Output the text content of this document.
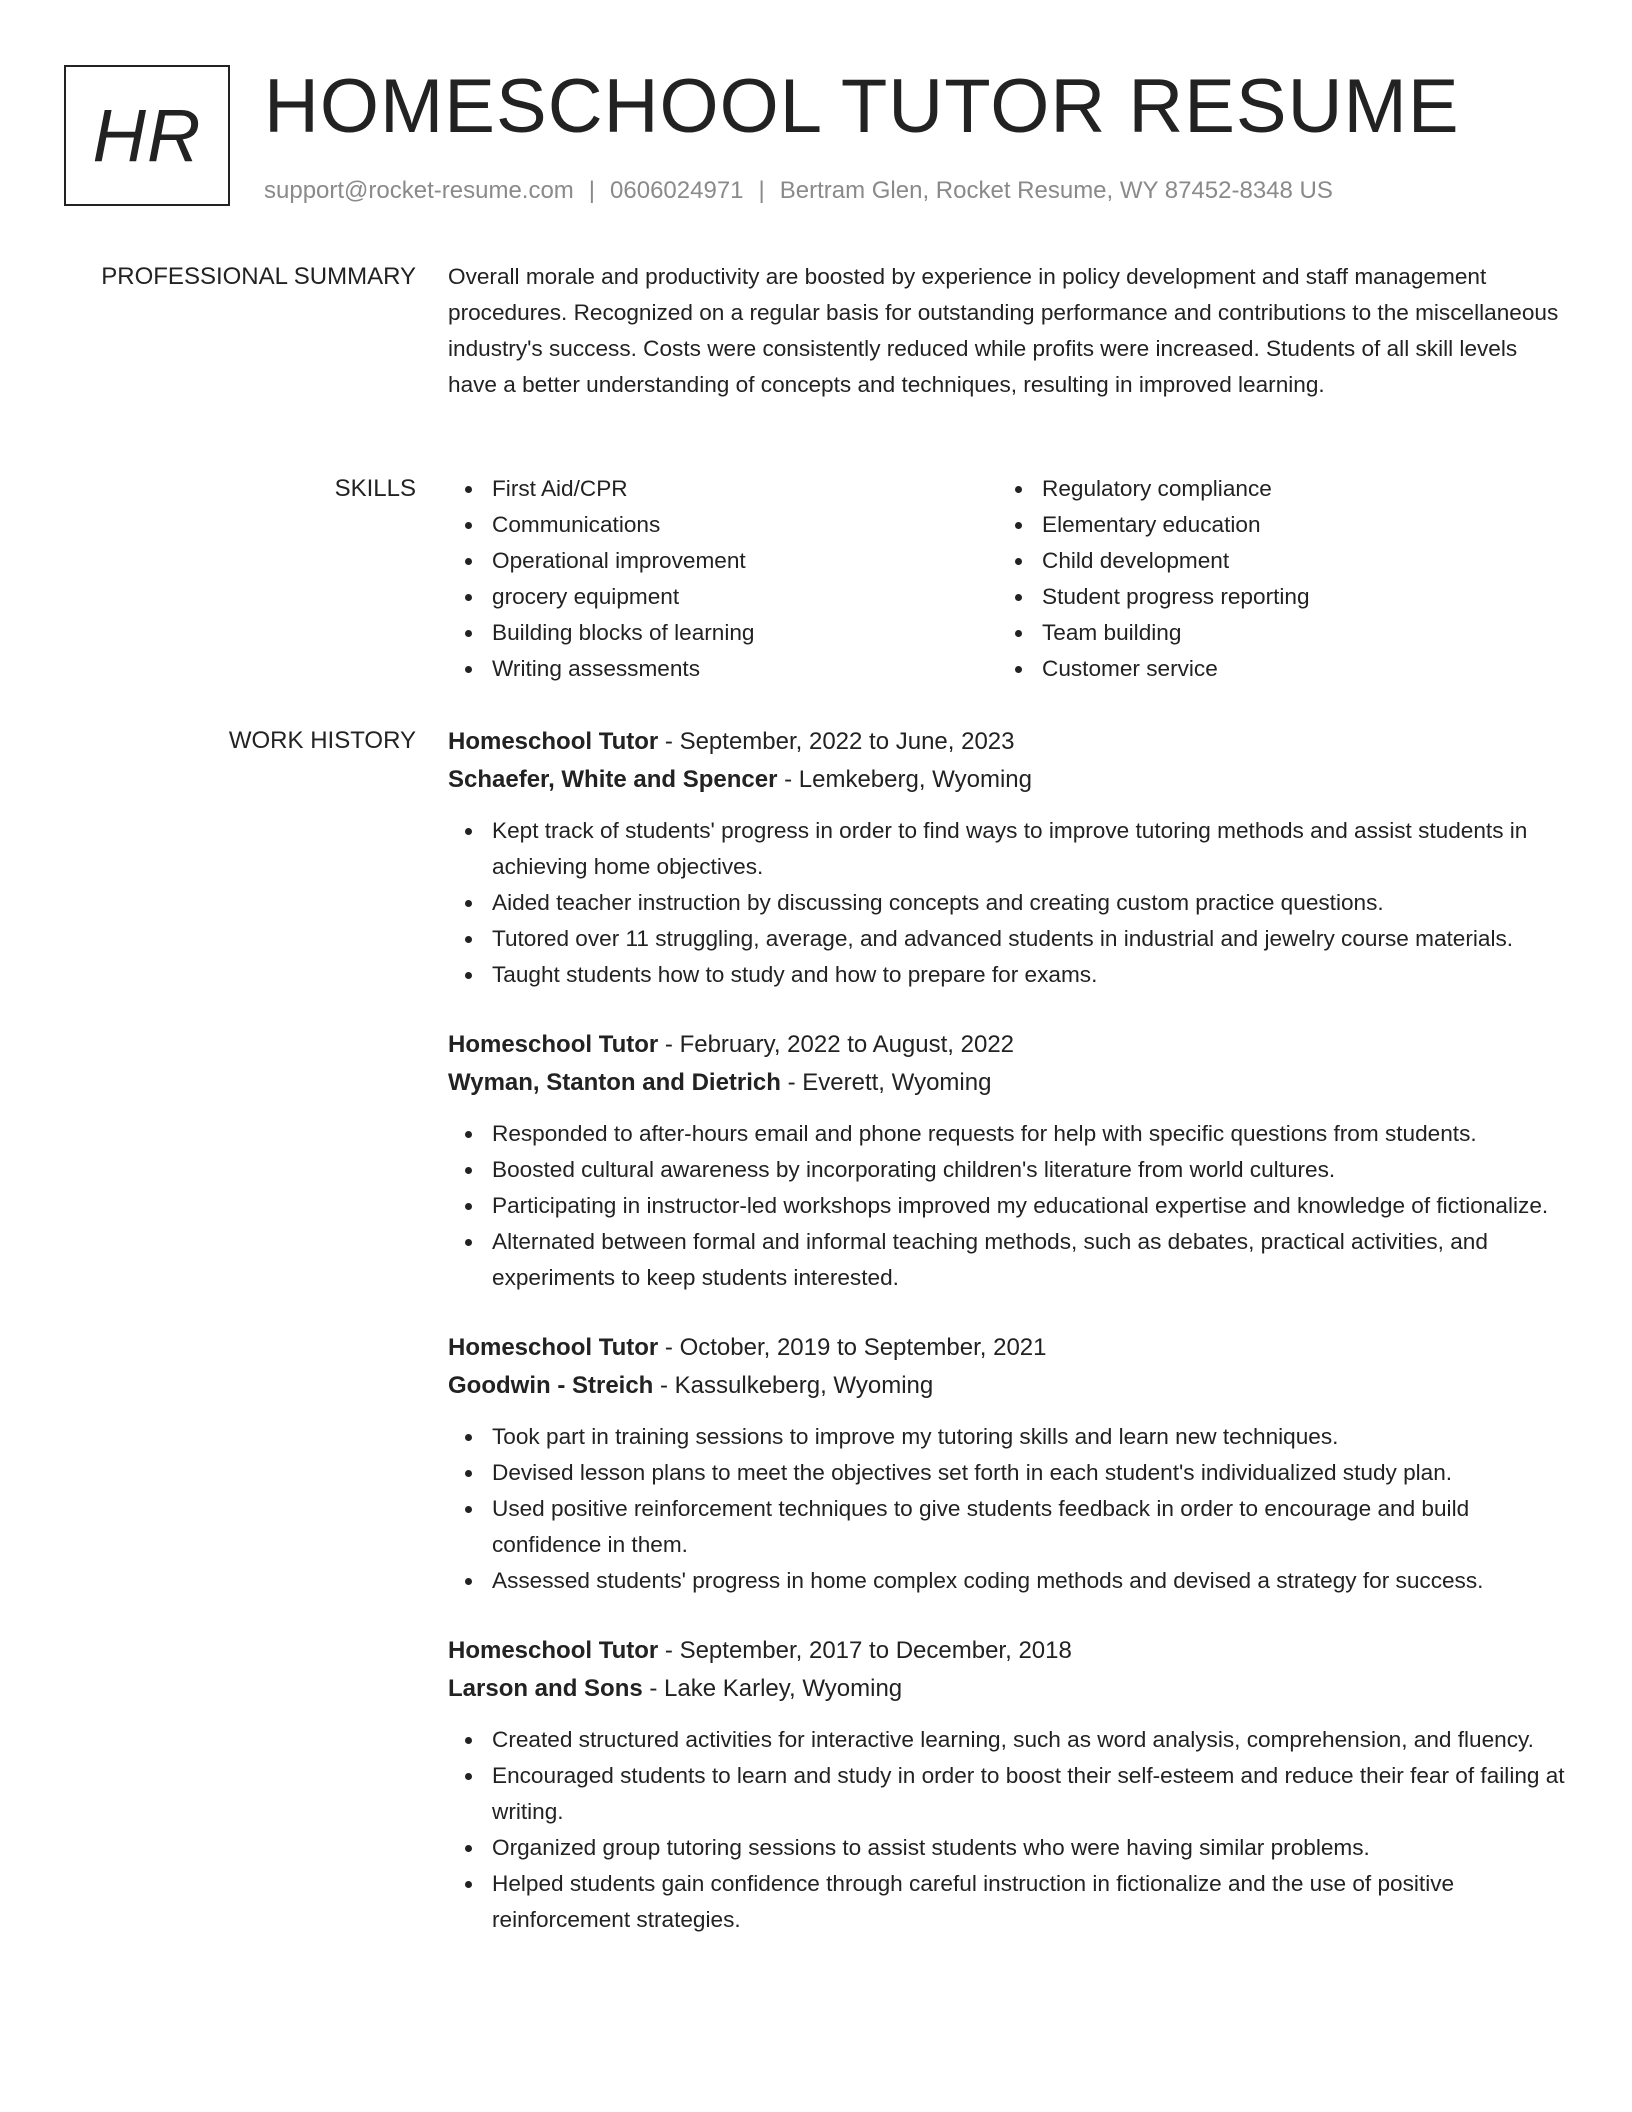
HR HOMESCHOOL TUTOR RESUME
support@rocket-resume.com | 0606024971 | Bertram Glen, Rocket Resume, WY 87452-8348 US
PROFESSIONAL SUMMARY Overall morale and productivity are boosted by experience in policy development and staff management procedures. Recognized on a regular basis for outstanding performance and contributions to the miscellaneous industry's success. Costs were consistently reduced while profits were increased. Students of all skill levels have a better understanding of concepts and techniques, resulting in improved learning.
SKILLS	First Aid/CPR
Communications
Operational improvement
grocery equipment
Building blocks of learning
Writing assessments
Regulatory compliance
Elementary education
Child development
Student progress reporting
Team building
Customer service
WORK HISTORY Homeschool Tutor - September, 2022 to June, 2023
Schaefer, White and Spencer - Lemkeberg, Wyoming
Kept track of students' progress in order to find ways to improve tutoring methods and assist students in achieving home objectives.
Aided teacher instruction by discussing concepts and creating custom practice questions.
Tutored over 11 struggling, average, and advanced students in industrial and jewelry course materials.
Taught students how to study and how to prepare for exams.
Homeschool Tutor - February, 2022 to August, 2022
Wyman, Stanton and Dietrich - Everett, Wyoming
Responded to after-hours email and phone requests for help with specific questions from students.
Boosted cultural awareness by incorporating children's literature from world cultures.
Participating in instructor-led workshops improved my educational expertise and knowledge of fictionalize.
Alternated between formal and informal teaching methods, such as debates, practical activities, and experiments to keep students interested.
Homeschool Tutor - October, 2019 to September, 2021
Goodwin - Streich - Kassulkeberg, Wyoming
Took part in training sessions to improve my tutoring skills and learn new techniques.
Devised lesson plans to meet the objectives set forth in each student's individualized study plan.
Used positive reinforcement techniques to give students feedback in order to encourage and build confidence in them.
Assessed students' progress in home complex coding methods and devised a strategy for success.
Homeschool Tutor - September, 2017 to December, 2018
Larson and Sons - Lake Karley, Wyoming
Created structured activities for interactive learning, such as word analysis, comprehension, and fluency.
Encouraged students to learn and study in order to boost their self-esteem and reduce their fear of failing at writing.
Organized group tutoring sessions to assist students who were having similar problems.
Helped students gain confidence through careful instruction in fictionalize and the use of positive reinforcement strategies.
